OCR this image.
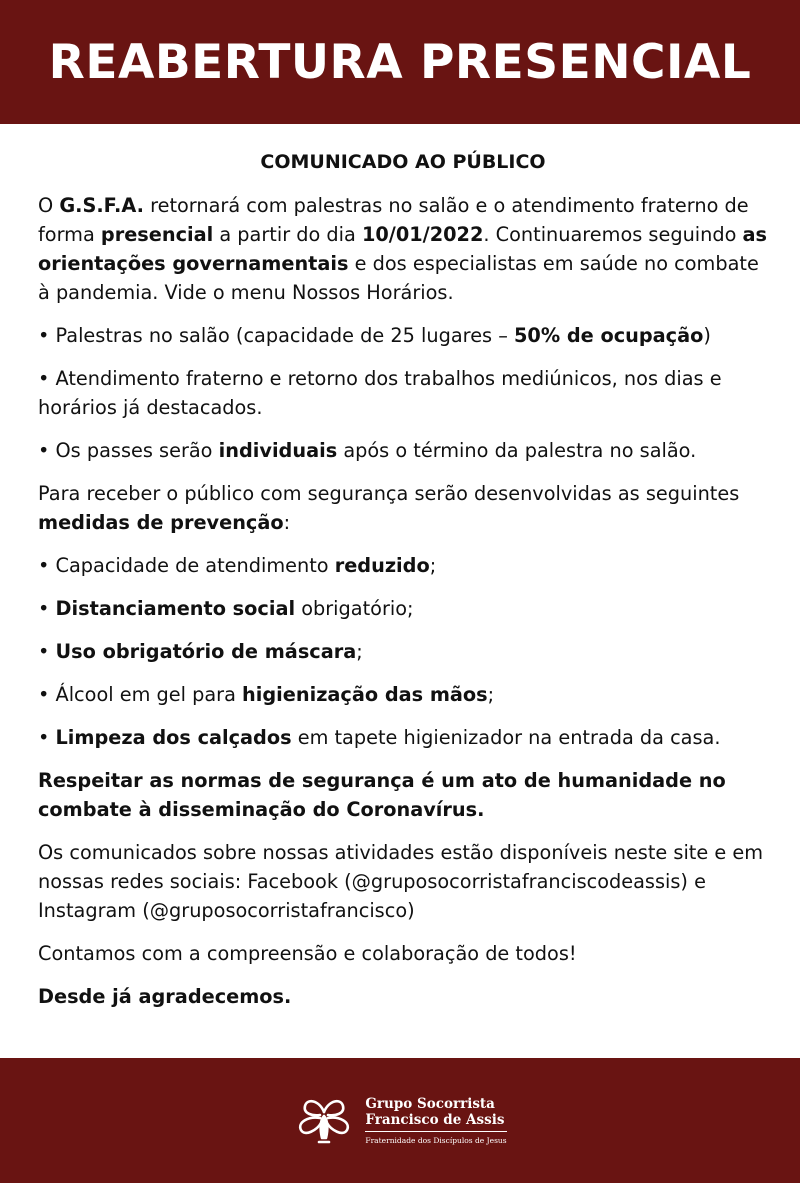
REABERTURA PRESENCIAL
COMUNICADO AO PÚBLICO

O G.S.F.A. retornará com palestras no salão e o atendimento fraterno de forma presencial a partir do dia 10/01/2022. Continuaremos seguindo as orientações governamentais e dos especialistas em saúde no combate à pandemia. Vide o menu Nossos Horários.

• Palestras no salão (capacidade de 25 lugares – 50% de ocupação)

• Atendimento fraterno e retorno dos trabalhos mediúnicos, nos dias e horários já destacados.

• Os passes serão individuais após o término da palestra no salão.

Para receber o público com segurança serão desenvolvidas as seguintes medidas de prevenção:

• Capacidade de atendimento reduzido;

• Distanciamento social obrigatório;

• Uso obrigatório de máscara;

• Álcool em gel para higienização das mãos;

• Limpeza dos calçados em tapete higienizador na entrada da casa.

Respeitar as normas de segurança é um ato de humanidade no combate à disseminação do Coronavírus.

Os comunicados sobre nossas atividades estão disponíveis neste site e em nossas redes sociais: Facebook (@gruposocorristafranciscodeassis) e Instagram (@gruposocorristafrancisco)

Contamos com a compreensão e colaboração de todos!

Desde já agradecemos.

Grupo Socorrista
Francisco de Assis
Fraternidade dos Discípulos de Jesus
